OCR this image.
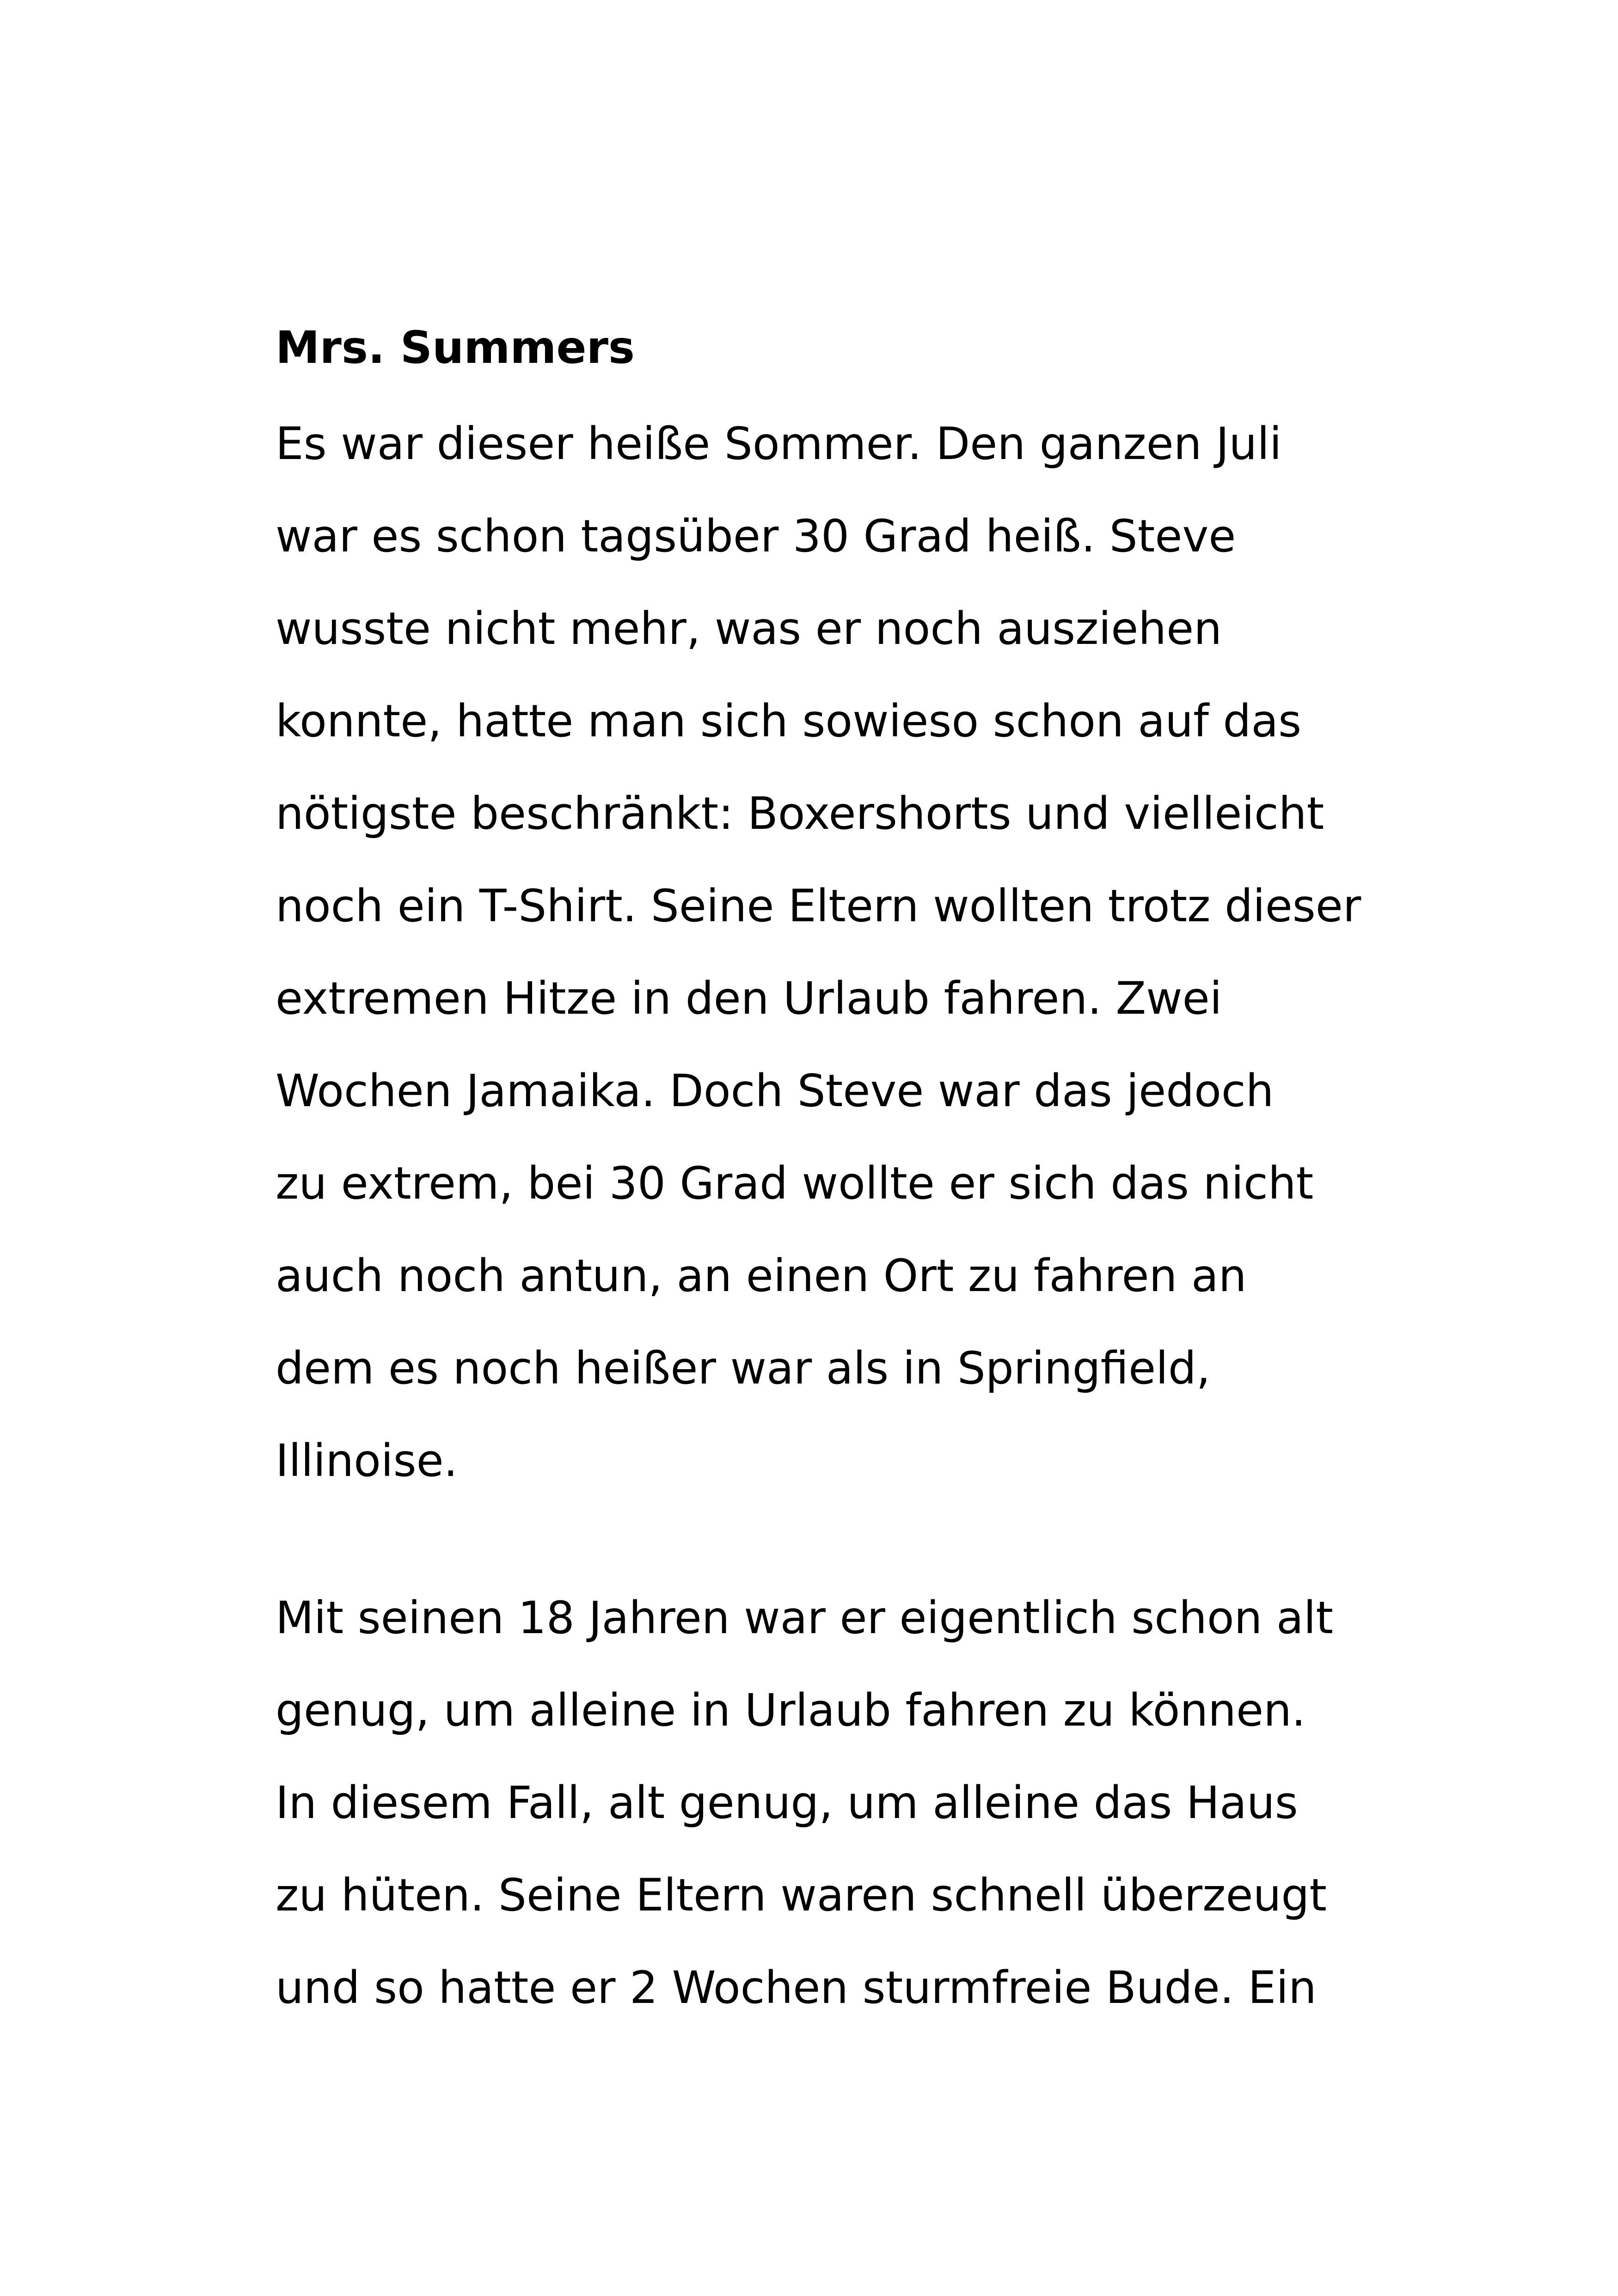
Mrs. Summers
Es war dieser heiße Sommer. Den ganzen Juli
war es schon tagsüber 30 Grad heiß. Steve
wusste nicht mehr, was er noch ausziehen
konnte, hatte man sich sowieso schon auf das
nötigste beschränkt: Boxershorts und vielleicht
noch ein T-Shirt. Seine Eltern wollten trotz dieser
extremen Hitze in den Urlaub fahren. Zwei
Wochen Jamaika. Doch Steve war das jedoch
zu extrem, bei 30 Grad wollte er sich das nicht
auch noch antun, an einen Ort zu fahren an
dem es noch heißer war als in Springfield,
Illinoise.
Mit seinen 18 Jahren war er eigentlich schon alt
genug, um alleine in Urlaub fahren zu können.
In diesem Fall, alt genug, um alleine das Haus
zu hüten. Seine Eltern waren schnell überzeugt
und so hatte er 2 Wochen sturmfreie Bude. Ein
